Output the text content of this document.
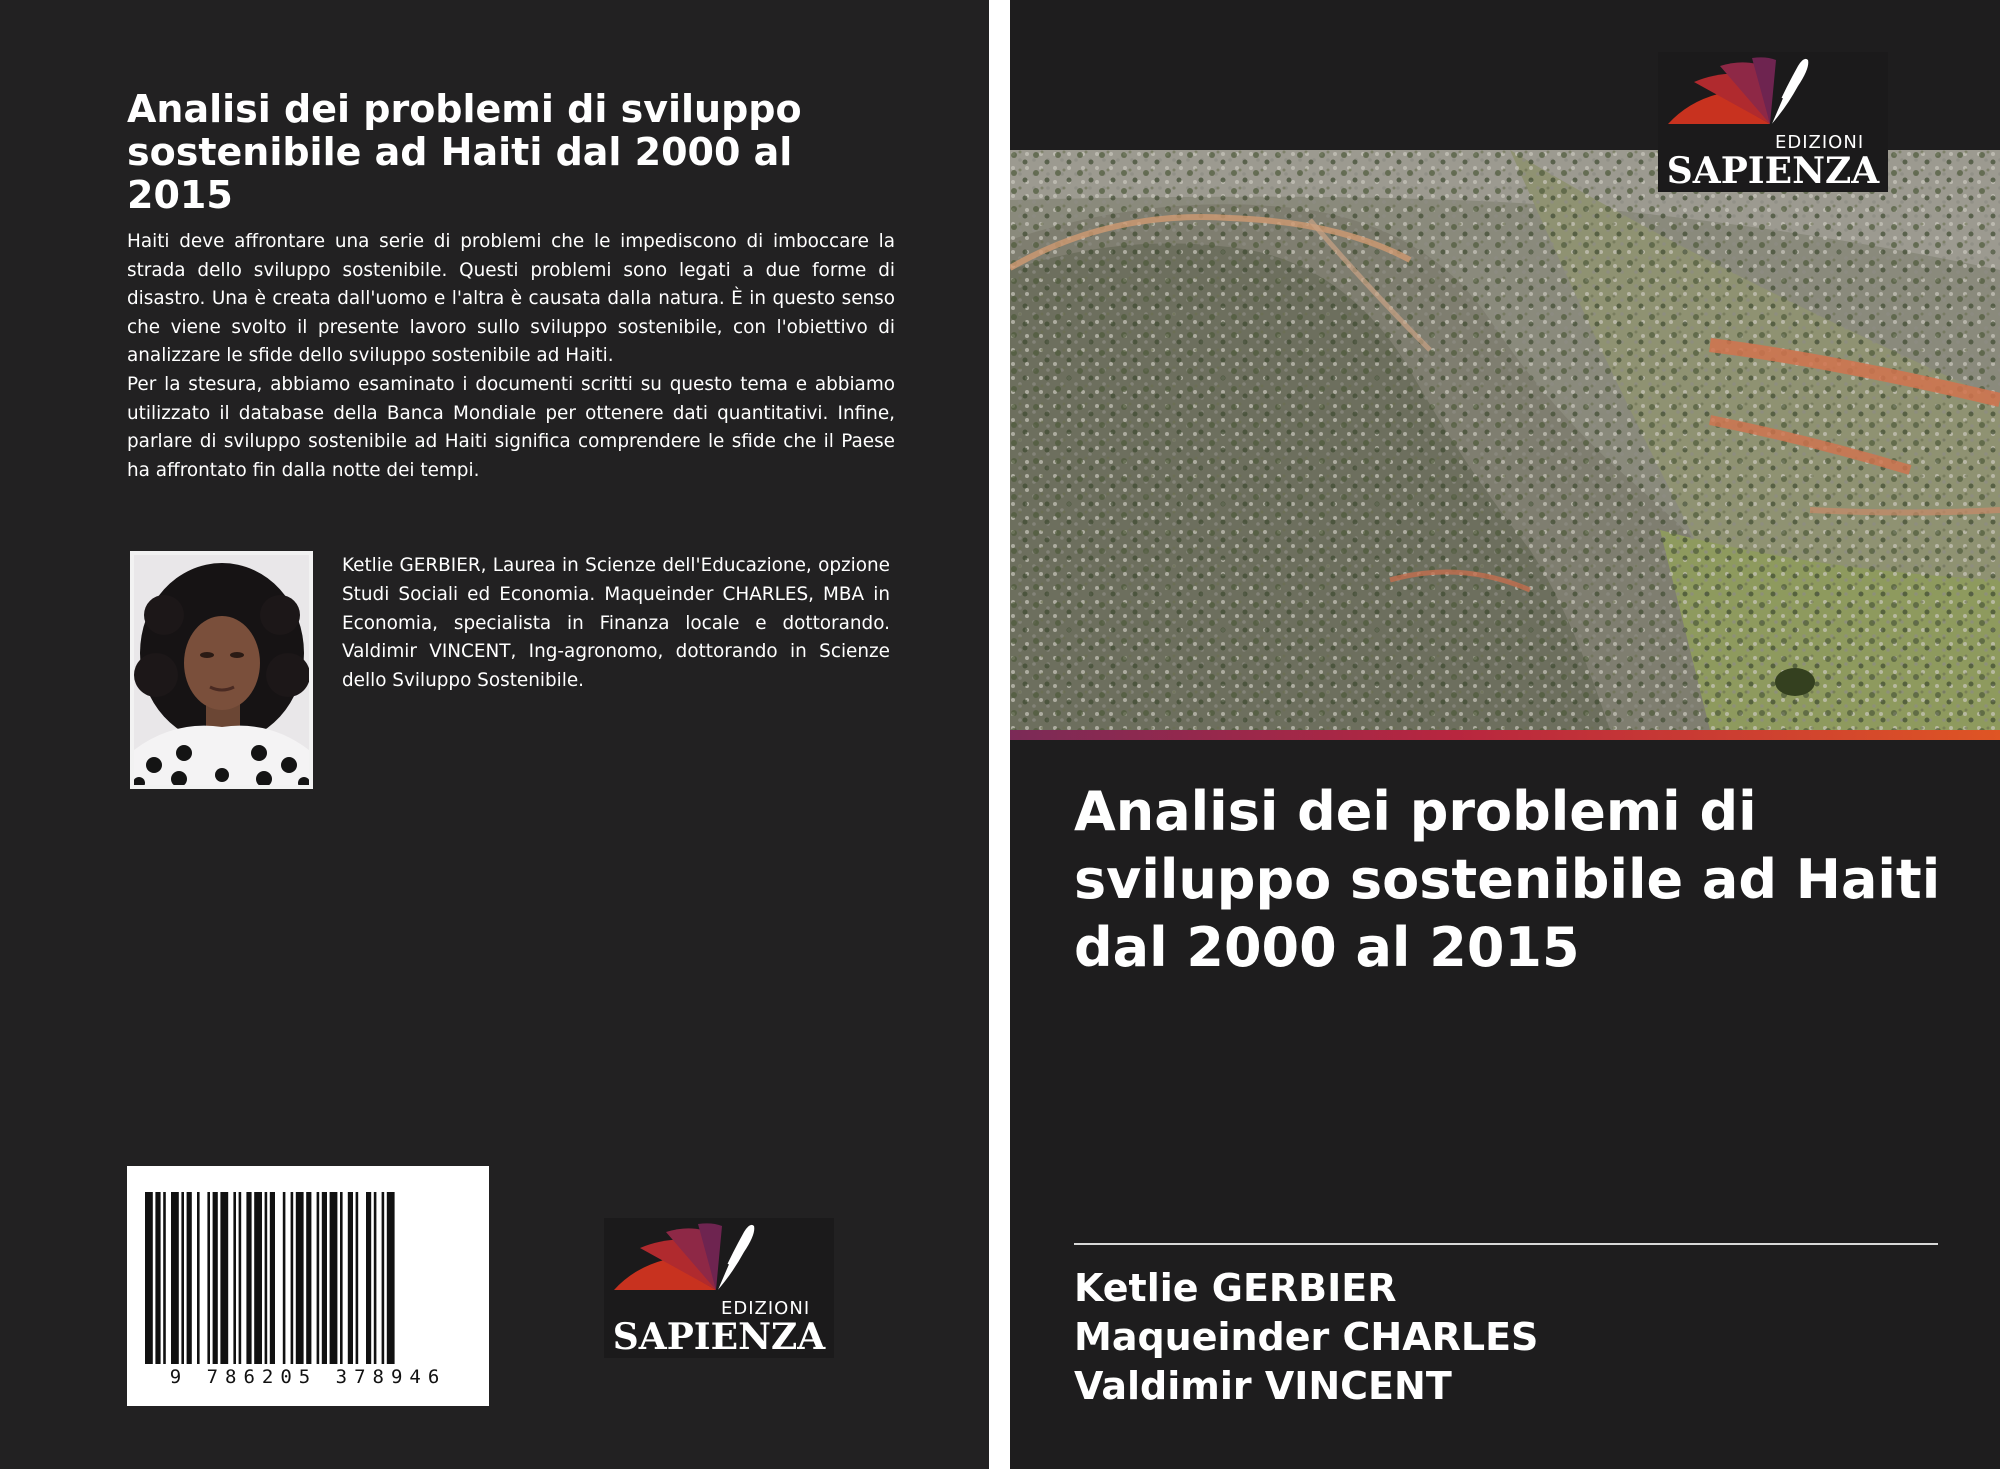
Analisi dei problemi di sviluppo sostenibile ad Haiti dal 2000 al 2015

Haiti deve affrontare una serie di problemi che le impediscono di imboccare la strada dello sviluppo sostenibile. Questi problemi sono legati a due forme di disastro. Una è creata dall'uomo e l'altra è causata dalla natura. È in questo senso che viene svolto il presente lavoro sullo sviluppo sostenibile, con l'obiettivo di analizzare le sfide dello sviluppo sostenibile ad Haiti.

Per la stesura, abbiamo esaminato i documenti scritti su questo tema e abbiamo utilizzato il database della Banca Mondiale per ottenere dati quantitativi. Infine, parlare di sviluppo sostenibile ad Haiti significa comprendere le sfide che il Paese ha affrontato fin dalla notte dei tempi.

Ketlie GERBIER, Laurea in Scienze dell'Educazione, opzione Studi Sociali ed Economia. Maqueinder CHARLES, MBA in Economia, specialista in Finanza locale e dottorando. Valdimir VINCENT, Ing-agronomo, dottorando in Scienze dello Sviluppo Sostenibile.

9 786205 378946
EDIZIONI
SAPIENZA
Analisi dei problemi di sviluppo sostenibile ad Haiti dal 2000 al 2015
Ketlie GERBIER
Maqueinder CHARLES
Valdimir VINCENT
EDIZIONI
SAPIENZA
